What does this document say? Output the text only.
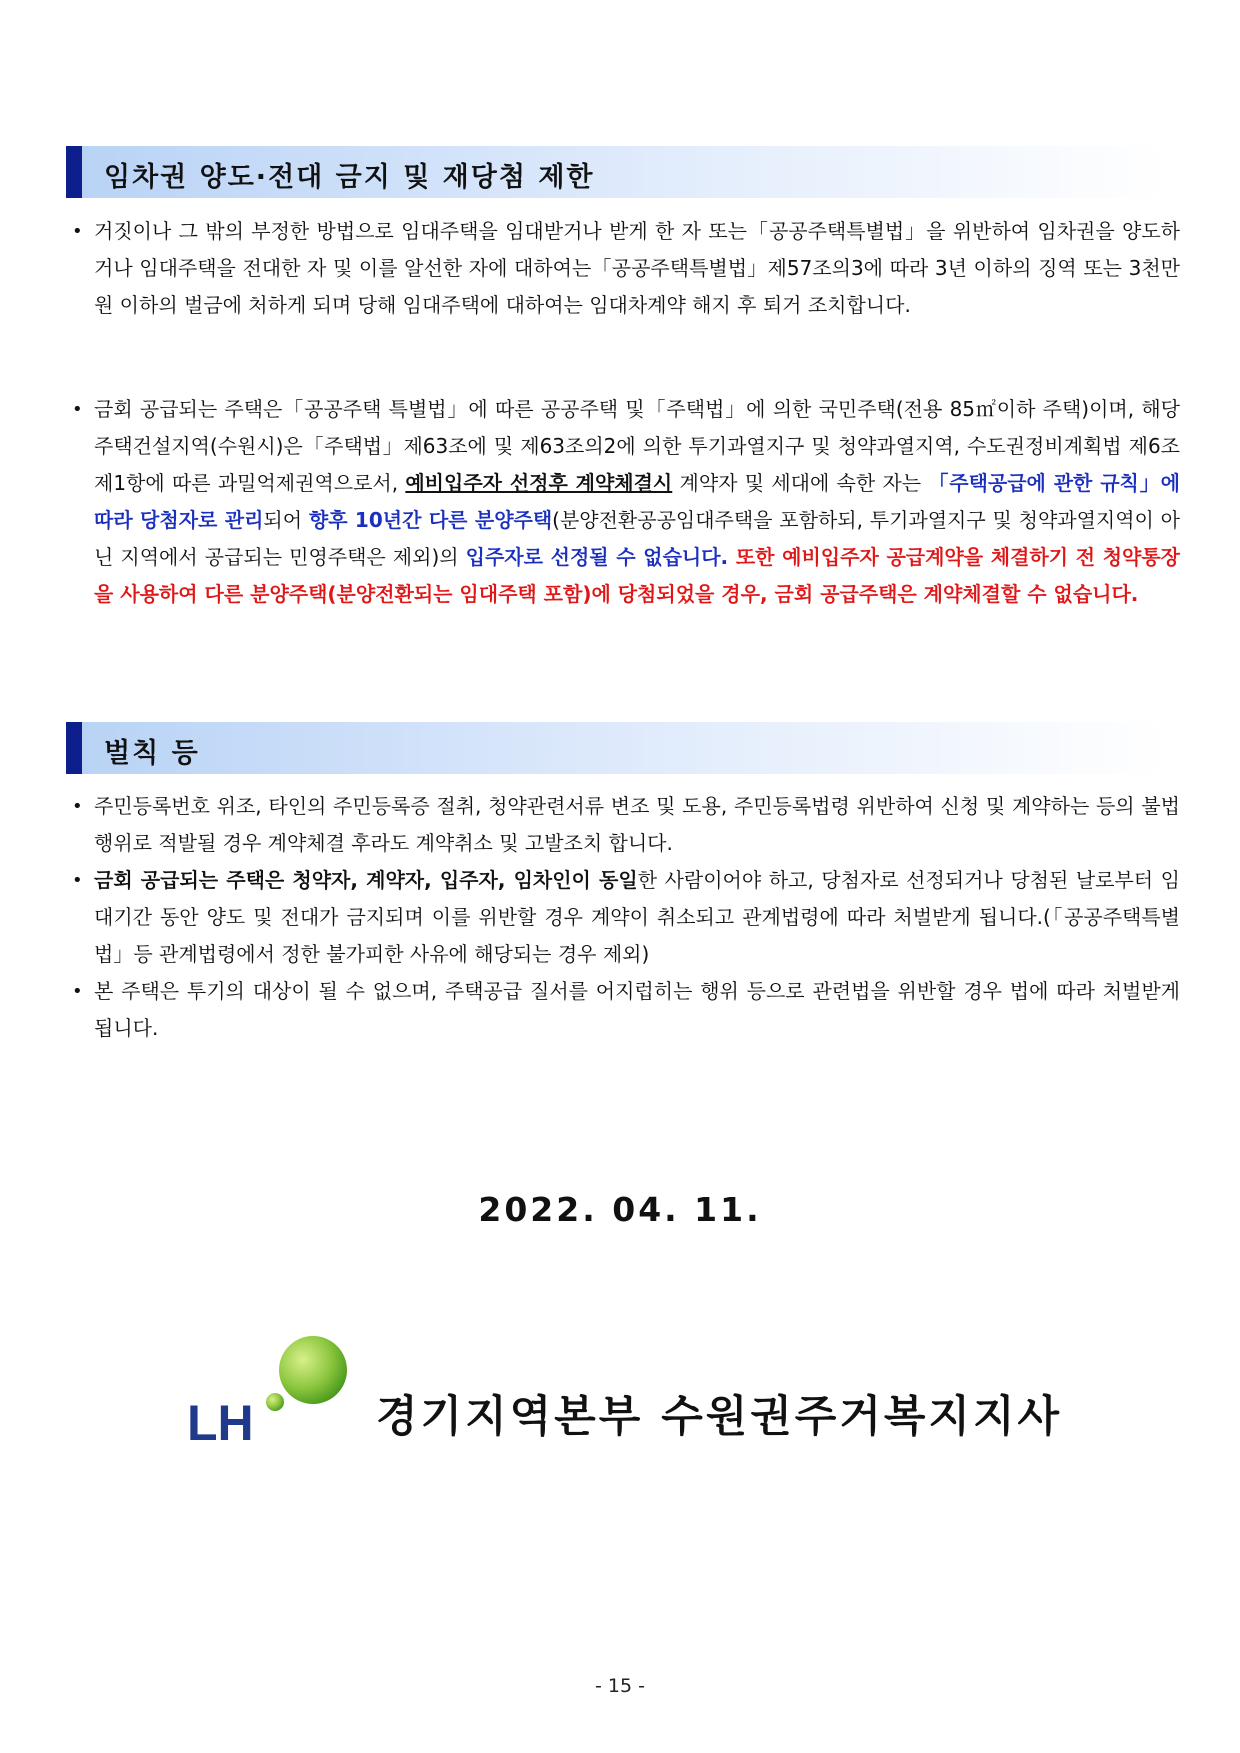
임차권 양도·전대 금지 및 재당첨 제한
• 거짓이나 그 밖의 부정한 방법으로 임대주택을 임대받거나 받게 한 자 또는「공공주택특별법」을 위반하여 임차권을 양도하거나 임대주택을 전대한 자 및 이를 알선한 자에 대하여는「공공주택특별법」제57조의3에 따라 3년 이하의 징역 또는 3천만원 이하의 벌금에 처하게 되며 당해 임대주택에 대하여는 임대차계약 해지 후 퇴거 조치합니다.
• 금회 공급되는 주택은「공공주택 특별법」에 따른 공공주택 및「주택법」에 의한 국민주택(전용 85㎡이하 주택)이며, 해당 주택건설지역(수원시)은「주택법」제63조에 및 제63조의2에 의한 투기과열지구 및 청약과열지역, 수도권정비계획법 제6조제1항에 따른 과밀억제권역으로서, 예비입주자 선정후 계약체결시 계약자 및 세대에 속한 자는 「주택공급에 관한 규칙」에 따라 당첨자로 관리되어 향후 10년간 다른 분양주택(분양전환공공임대주택을 포함하되, 투기과열지구 및 청약과열지역이 아닌 지역에서 공급되는 민영주택은 제외)의 입주자로 선정될 수 없습니다. 또한 예비입주자 공급계약을 체결하기 전 청약통장을 사용하여 다른 분양주택(분양전환되는 임대주택 포함)에 당첨되었을 경우, 금회 공급주택은 계약체결할 수 없습니다.
벌칙 등
• 주민등록번호 위조, 타인의 주민등록증 절취, 청약관련서류 변조 및 도용, 주민등록법령 위반하여 신청 및 계약하는 등의 불법행위로 적발될 경우 계약체결 후라도 계약취소 및 고발조치 합니다.
• 금회 공급되는 주택은 청약자, 계약자, 입주자, 임차인이 동일한 사람이어야 하고, 당첨자로 선정되거나 당첨된 날로부터 임대기간 동안 양도 및 전대가 금지되며 이를 위반할 경우 계약이 취소되고 관계법령에 따라 처벌받게 됩니다.(「공공주택특별법」등 관계법령에서 정한 불가피한 사유에 해당되는 경우 제외)
• 본 주택은 투기의 대상이 될 수 없으며, 주택공급 질서를 어지럽히는 행위 등으로 관련법을 위반할 경우 법에 따라 처벌받게 됩니다.
2022. 04. 11.
LH	경기지역본부 수원권주거복지지사
- 15 -
